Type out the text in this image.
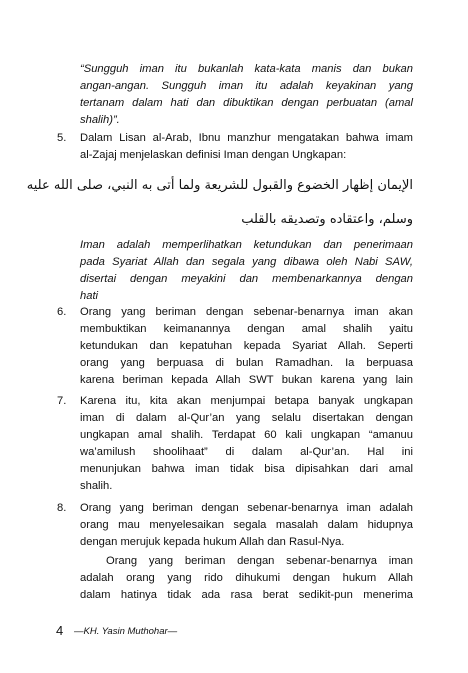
“Sungguh iman itu bukanlah kata-kata manis dan bukan
angan-angan. Sungguh iman itu adalah keyakinan yang
tertanam dalam hati dan dibuktikan dengan perbuatan (amal
shalih)”.
5. Dalam Lisan al-Arab, Ibnu manzhur mengatakan bahwa imam
al-Zajaj menjelaskan definisi Iman dengan Ungkapan:
الإيمان إظهار الخضوع والقبول للشريعة ولما أتى به النبي، صلى الله عليه
وسلم، واعتقاده وتصديقه بالقلب
Iman adalah memperlihatkan ketundukan dan penerimaan
pada Syariat Allah dan segala yang dibawa oleh Nabi SAW,
disertai dengan meyakini dan membenarkannya dengan
hati
6. Orang yang beriman dengan sebenar-benarnya iman akan
membuktikan keimanannya dengan amal shalih yaitu
ketundukan dan kepatuhan kepada Syariat Allah. Seperti
orang yang berpuasa di bulan Ramadhan. Ia berpuasa
karena beriman kepada Allah SWT bukan karena yang lain
7. Karena itu, kita akan menjumpai betapa banyak ungkapan
iman di dalam al-Qur’an yang selalu disertakan dengan
ungkapan amal shalih. Terdapat 60 kali ungkapan “amanuu
wa’amilush shoolihaat” di dalam al-Qur’an. Hal ini
menunjukan bahwa iman tidak bisa dipisahkan dari amal
shalih.
8. Orang yang beriman dengan sebenar-benarnya iman adalah
orang mau menyelesaikan segala masalah dalam hidupnya
dengan merujuk kepada hukum Allah dan Rasul-Nya.
Orang yang beriman dengan sebenar-benarnya iman
adalah orang yang rido dihukumi dengan hukum Allah
dalam hatinya tidak ada rasa berat sedikit-pun menerima
4 —KH. Yasin Muthohar—
